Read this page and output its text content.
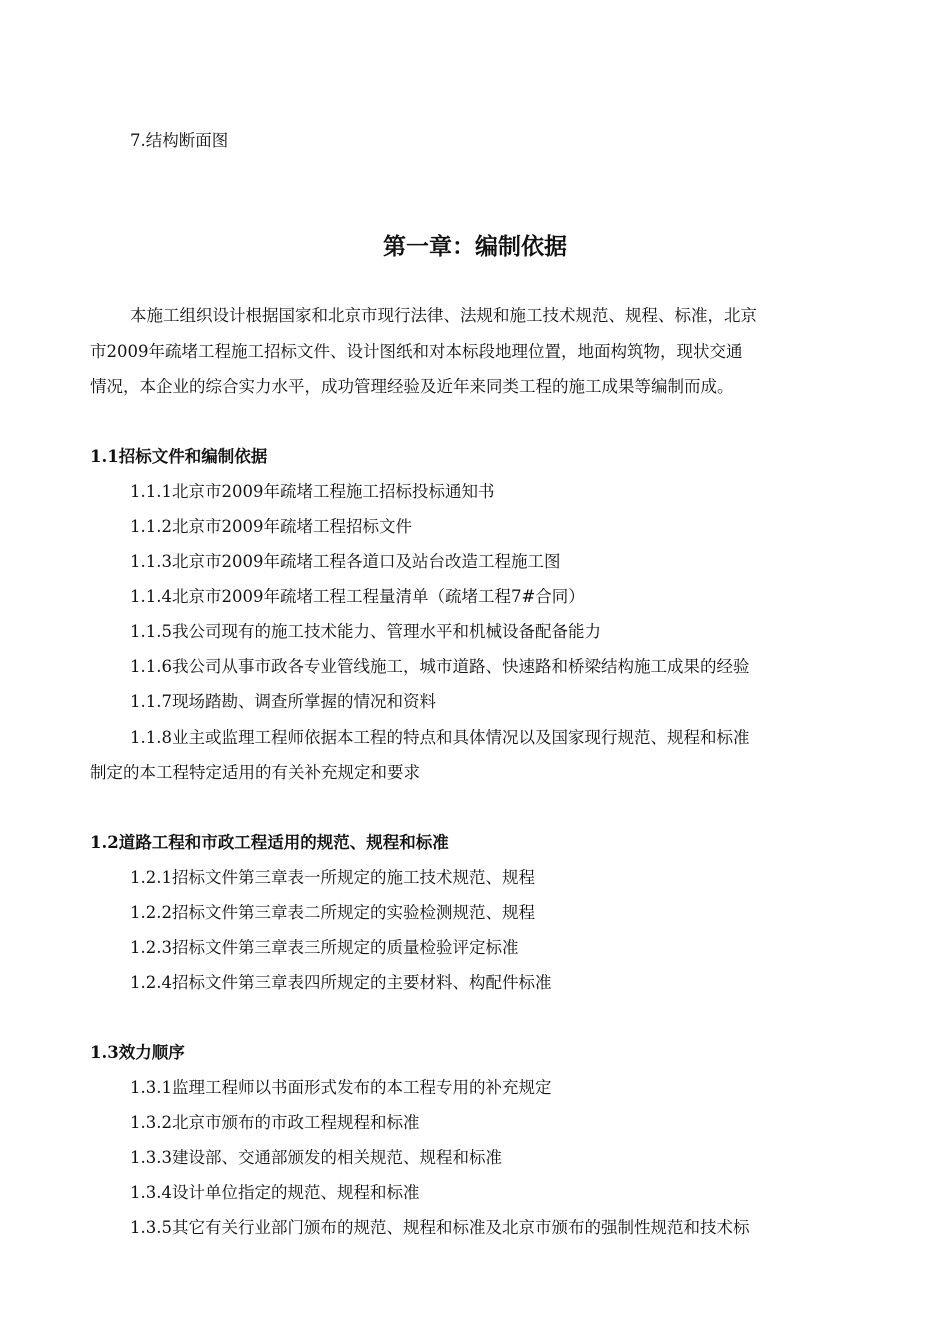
7.结构断面图
第一章：编制依据
本施工组织设计根据国家和北京市现行法律、法规和施工技术规范、规程、标准，北京
市2009年疏堵工程施工招标文件、设计图纸和对本标段地理位置，地面构筑物，现状交通
情况，本企业的综合实力水平，成功管理经验及近年来同类工程的施工成果等编制而成。
1.1招标文件和编制依据
1.1.1北京市2009年疏堵工程施工招标投标通知书
1.1.2北京市2009年疏堵工程招标文件
1.1.3北京市2009年疏堵工程各道口及站台改造工程施工图
1.1.4北京市2009年疏堵工程工程量清单（疏堵工程7#合同）
1.1.5我公司现有的施工技术能力、管理水平和机械设备配备能力
1.1.6我公司从事市政各专业管线施工，城市道路、快速路和桥梁结构施工成果的经验
1.1.7现场踏勘、调查所掌握的情况和资料
1.1.8业主或监理工程师依据本工程的特点和具体情况以及国家现行规范、规程和标准
制定的本工程特定适用的有关补充规定和要求
1.2道路工程和市政工程适用的规范、规程和标准
1.2.1招标文件第三章表一所规定的施工技术规范、规程
1.2.2招标文件第三章表二所规定的实验检测规范、规程
1.2.3招标文件第三章表三所规定的质量检验评定标准
1.2.4招标文件第三章表四所规定的主要材料、构配件标准
1.3效力顺序
1.3.1监理工程师以书面形式发布的本工程专用的补充规定
1.3.2北京市颁布的市政工程规程和标准
1.3.3建设部、交通部颁发的相关规范、规程和标准
1.3.4设计单位指定的规范、规程和标准
1.3.5其它有关行业部门颁布的规范、规程和标准及北京市颁布的强制性规范和技术标
